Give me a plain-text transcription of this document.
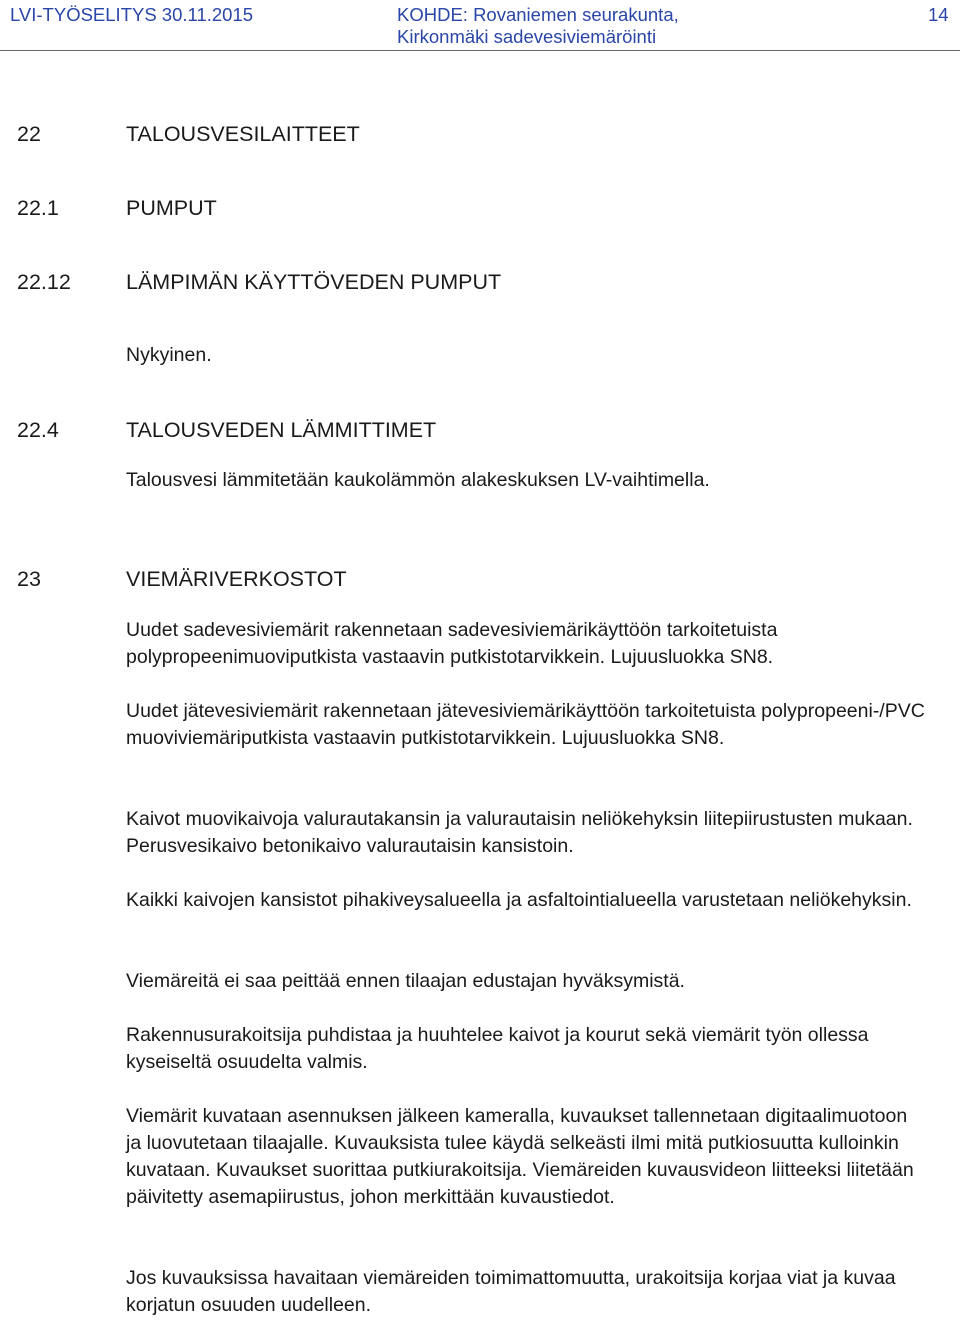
LVI-TYÖSELITYS 30.11.2015	KOHDE: Rovaniemen seurakunta,
Kirkonmäki sadevesiviemäröinti
14
22	TALOUSVESILAITTEET
22.1	PUMPUT
22.12	LÄMPIMÄN KÄYTTÖVEDEN PUMPUT

Nykyinen.

22.4	TALOUSVEDEN LÄMMITTIMET

Talousvesi lämmitetään kaukolämmön alakeskuksen LV-vaihtimella.

23	VIEMÄRIVERKOSTOT

Uudet sadevesiviemärit rakennetaan sadevesiviemärikäyttöön tarkoitetuista polypropeenimuoviputkista vastaavin putkistotarvikkein. Lujuusluokka SN8.

Uudet jätevesiviemärit rakennetaan jätevesiviemärikäyttöön tarkoitetuista polypropeeni-/PVC muoviviemäriputkista vastaavin putkistotarvikkein. Lujuusluokka SN8.

Kaivot muovikaivoja valurautakansin ja valurautaisin neliökehyksin liitepiirustusten mukaan. Perusvesikaivo betonikaivo valurautaisin kansistoin.

Kaikki kaivojen kansistot pihakiveysalueella ja asfaltointialueella varustetaan neliökehyksin.

Viemäreitä ei saa peittää ennen tilaajan edustajan hyväksymistä.

Rakennusurakoitsija puhdistaa ja huuhtelee kaivot ja kourut sekä viemärit työn ollessa kyseiseltä osuudelta valmis.

Viemärit kuvataan asennuksen jälkeen kameralla, kuvaukset tallennetaan digitaalimuotoon ja luovutetaan tilaajalle. Kuvauksista tulee käydä selkeästi ilmi mitä putkiosuutta kulloinkin kuvataan. Kuvaukset suorittaa putkiurakoitsija. Viemäreiden kuvausvideon liitteeksi liitetään päivitetty asemapiirustus, johon merkittään kuvaustiedot.

Jos kuvauksissa havaitaan viemäreiden toimimattomuutta, urakoitsija korjaa viat ja kuvaa korjatun osuuden uudelleen.
